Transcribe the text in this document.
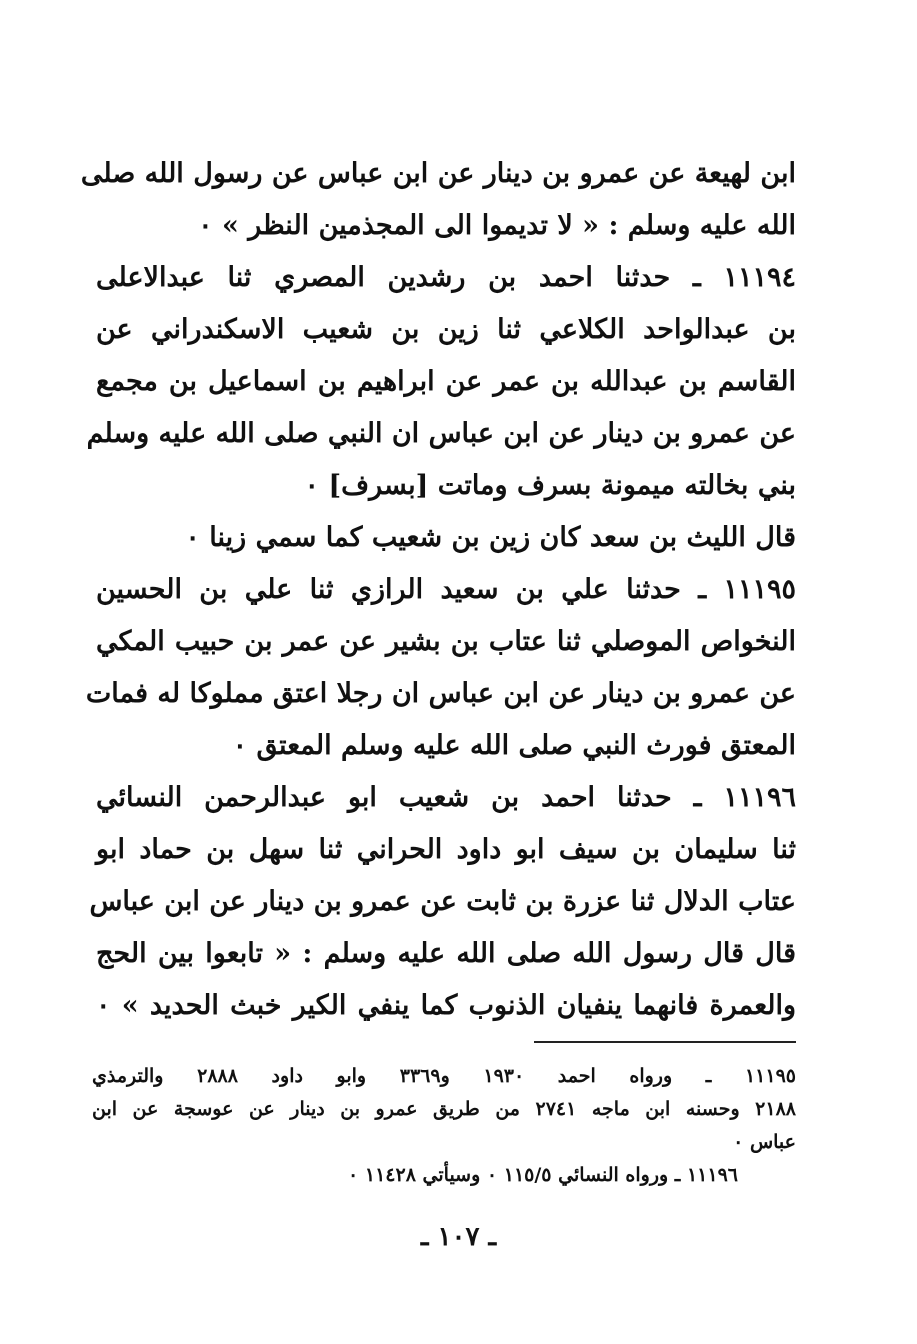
ابن لهيعة عن عمرو بن دينار عن ابن عباس عن رسول الله صلى
الله عليه وسلم : « لا تديموا الى المجذمين النظر » ٠
١١١٩٤ ـ حدثنا احمد بن رشدين المصري ثنا عبدالاعلى
بن عبدالواحد الكلاعي ثنا زين بن شعيب الاسكندراني عن
القاسم بن عبدالله بن عمر عن ابراهيم بن اسماعيل بن مجمع
عن عمرو بن دينار عن ابن عباس ان النبي صلى الله عليه وسلم
بني بخالته ميمونة بسرف وماتت [بسرف] ٠
قال الليث بن سعد كان زين بن شعيب كما سمي زينا ٠
١١١٩٥ ـ حدثنا علي بن سعيد الرازي ثنا علي بن الحسين
النخواص الموصلي ثنا عتاب بن بشير عن عمر بن حبيب المكي
عن عمرو بن دينار عن ابن عباس ان رجلا اعتق مملوكا له فمات
المعتق فورث النبي صلى الله عليه وسلم المعتق ٠
١١١٩٦ ـ حدثنا احمد بن شعيب ابو عبدالرحمن النسائي
ثنا سليمان بن سيف ابو داود الحراني ثنا سهل بن حماد ابو
عتاب الدلال ثنا عزرة بن ثابت عن عمرو بن دينار عن ابن عباس
قال قال رسول الله صلى الله عليه وسلم : « تابعوا بين الحج
والعمرة فانهما ينفيان الذنوب كما ينفي الكير خبث الحديد » ٠
١١١٩٥ ـ ورواه احمد ١٩٣٠ و٣٣٦٩ وابو داود ٢٨٨٨ والترمذي
٢١٨٨ وحسنه ابن ماجه ٢٧٤١ من طريق عمرو بن دينار عن عوسجة عن ابن
عباس ٠
١١١٩٦ ـ ورواه النسائي ١١٥/٥ ٠ وسيأتي ١١٤٢٨ ٠
ـ ١٠٧ ـ
